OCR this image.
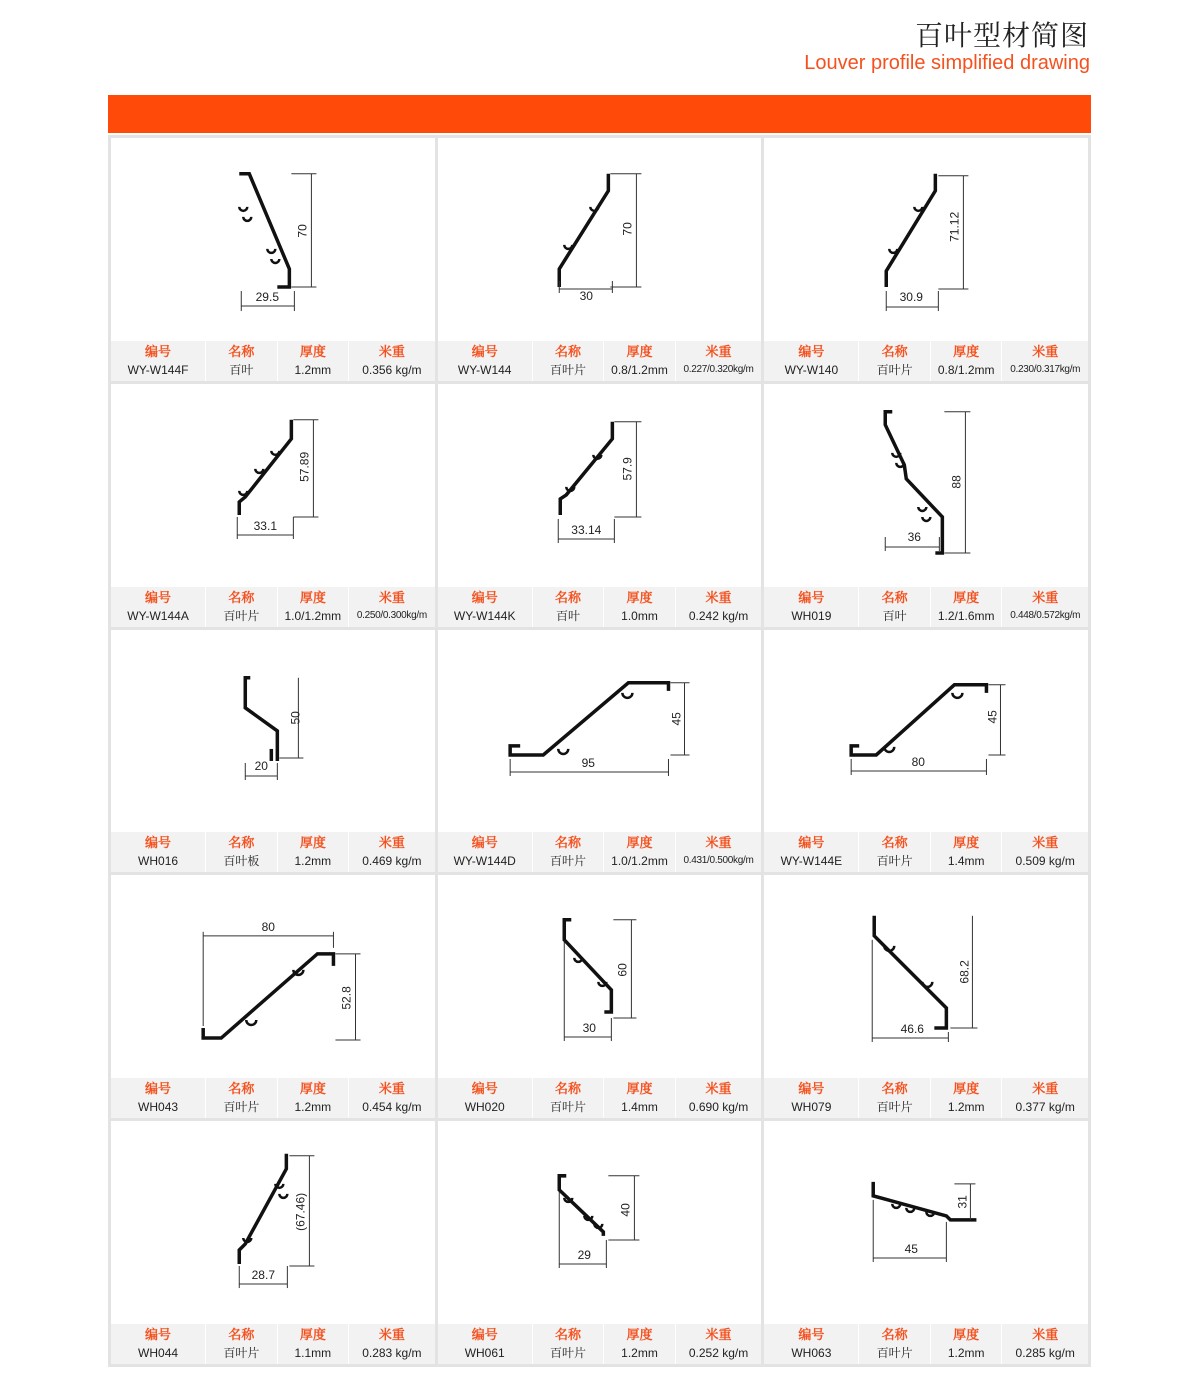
百叶型材简图
Louver profile simplified drawing
29.5
70
编号
WY-W144F
名称
百叶
厚度
1.2mm
米重
0.356 kg/m
30
70
编号
WY-W144
名称
百叶片
厚度
0.8/1.2mm
米重
0.227/0.320kg/m
30.9
71.12
编号
WY-W140
名称
百叶片
厚度
0.8/1.2mm
米重
0.230/0.317kg/m
33.1
57.89
编号
WY-W144A
名称
百叶片
厚度
1.0/1.2mm
米重
0.250/0.300kg/m
33.14
57.9
编号
WY-W144K
名称
百叶
厚度
1.0mm
米重
0.242 kg/m
36
88
编号
WH019
名称
百叶
厚度
1.2/1.6mm
米重
0.448/0.572kg/m
20
50
编号
WH016
名称
百叶板
厚度
1.2mm
米重
0.469 kg/m
95
45
编号
WY-W144D
名称
百叶片
厚度
1.0/1.2mm
米重
0.431/0.500kg/m
80
45
编号
WY-W144E
名称
百叶片
厚度
1.4mm
米重
0.509 kg/m
80
52.8
编号
WH043
名称
百叶片
厚度
1.2mm
米重
0.454 kg/m
30
60
编号
WH020
名称
百叶片
厚度
1.4mm
米重
0.690 kg/m
46.6
68.2
编号
WH079
名称
百叶片
厚度
1.2mm
米重
0.377 kg/m
28.7
(67.46)
编号
WH044
名称
百叶片
厚度
1.1mm
米重
0.283 kg/m
29
40
编号
WH061
名称
百叶片
厚度
1.2mm
米重
0.252 kg/m
45
31
编号
WH063
名称
百叶片
厚度
1.2mm
米重
0.285 kg/m
